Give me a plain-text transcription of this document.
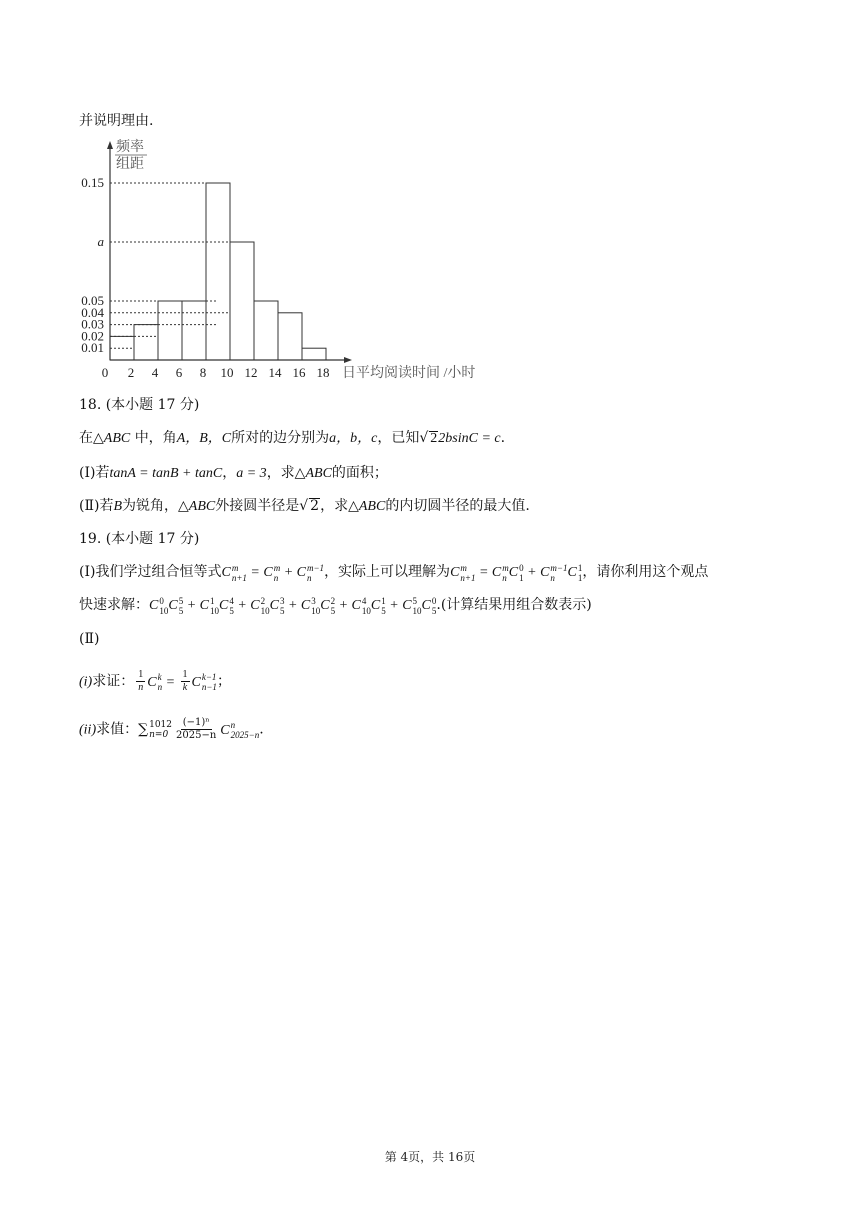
并说明理由.
频率
组距
0.15
a
0.05
0.04
0.03
0.02
0.01
0 2 4 6 8 10 12 14 16 18 日平均阅读时间 /小时
18. (本小题 17 分)
在△ABC 中，角A，B，C所对的边分别为a，b，c，已知√ 22bsinC = c.
(Ⅰ)若tanA = tanB + tanC，a = 3，求△ABC的面积；
(Ⅱ)若B为锐角，△ABC外接圆半径是√ 2，求△ABC的内切圆半径的最大值.
19. (本小题 17 分)
(Ⅰ)我们学过组合恒等式C m
n+1 = C m
n + C m−1
n ，实际上可以理解为C m
n+1 = C m
n C 0
1 + C m−1
n C 1
1 ，请你利用这个观点
快速求解：C 0
10 C 5
5 + C 1
10 C 4
5 + C 2
10 C 3
5 + C 3
10 C 2
5 + C 4
10 C 1
5 + C 5
10 C 0
5 .(计算结果用组合数表示)
(Ⅱ)
(i)求证： $\frac{1}{n}$ C k
$n = \frac{1}{k}$ C k−1
n−1 ；
(ii)求值：∑ 1012
$n=0 \frac{\text{(−1)ⁿ}}{2025-n}$ C n
2025−n .
第 4页，共 16页
